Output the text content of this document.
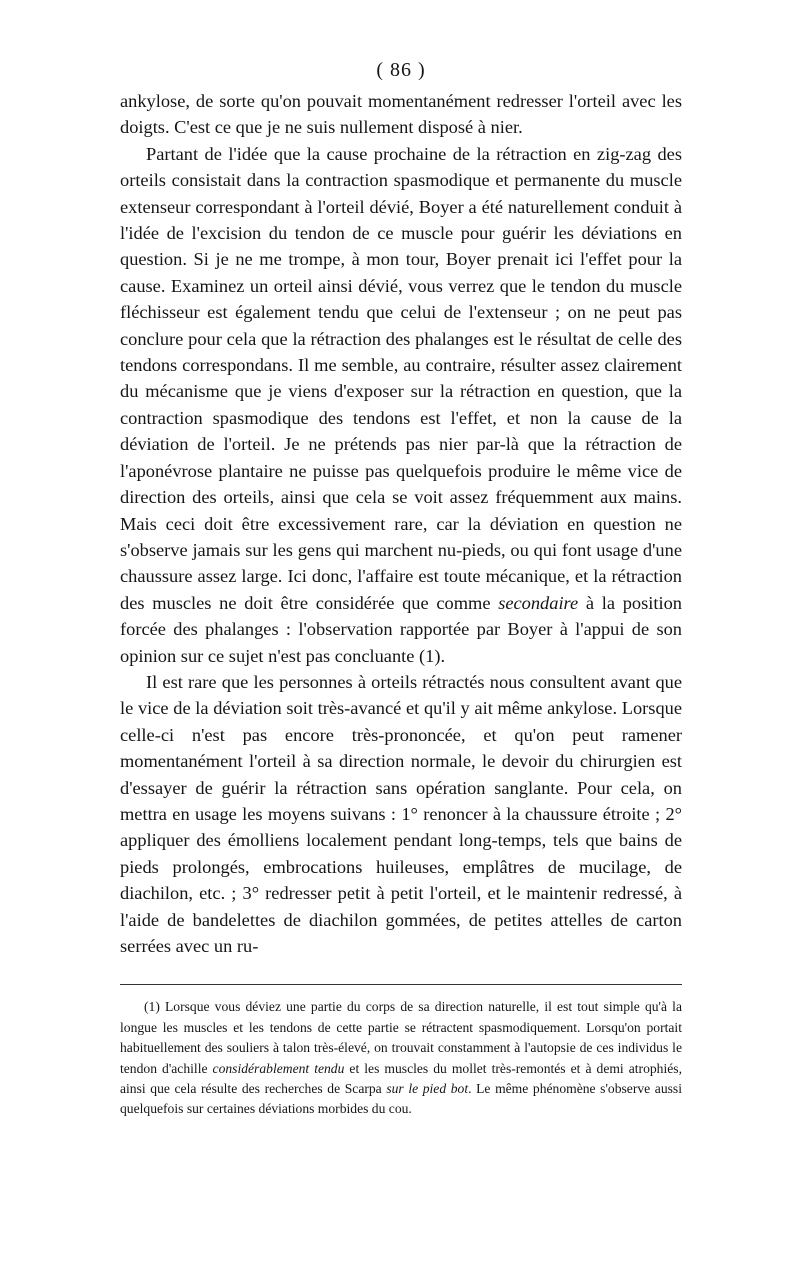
( 86 )

ankylose, de sorte qu'on pouvait momentanément redresser l'orteil avec les doigts. C'est ce que je ne suis nullement disposé à nier.

Partant de l'idée que la cause prochaine de la rétraction en zig-zag des orteils consistait dans la contraction spasmodique et permanente du muscle extenseur correspondant à l'orteil dévié, Boyer a été naturellement conduit à l'idée de l'excision du tendon de ce muscle pour guérir les déviations en question. Si je ne me trompe, à mon tour, Boyer prenait ici l'effet pour la cause. Examinez un orteil ainsi dévié, vous verrez que le tendon du muscle fléchisseur est également tendu que celui de l'extenseur ; on ne peut pas conclure pour cela que la rétraction des phalanges est le résultat de celle des tendons correspondans. Il me semble, au contraire, résulter assez clairement du mécanisme que je viens d'exposer sur la rétraction en question, que la contraction spasmodique des tendons est l'effet, et non la cause de la déviation de l'orteil. Je ne prétends pas nier par-là que la rétraction de l'aponévrose plantaire ne puisse pas quelquefois produire le même vice de direction des orteils, ainsi que cela se voit assez fréquemment aux mains. Mais ceci doit être excessivement rare, car la déviation en question ne s'observe jamais sur les gens qui marchent nu-pieds, ou qui font usage d'une chaussure assez large. Ici donc, l'affaire est toute mécanique, et la rétraction des muscles ne doit être considérée que comme secondaire à la position forcée des phalanges : l'observation rapportée par Boyer à l'appui de son opinion sur ce sujet n'est pas concluante (1).

Il est rare que les personnes à orteils rétractés nous consultent avant que le vice de la déviation soit très-avancé et qu'il y ait même ankylose. Lorsque celle-ci n'est pas encore très-prononcée, et qu'on peut ramener momentanément l'orteil à sa direction normale, le devoir du chirurgien est d'essayer de guérir la rétraction sans opération sanglante. Pour cela, on mettra en usage les moyens suivans : 1° renoncer à la chaussure étroite ; 2° appliquer des émolliens localement pendant long-temps, tels que bains de pieds prolongés, embrocations huileuses, emplâtres de mucilage, de diachilon, etc. ; 3° redresser petit à petit l'orteil, et le maintenir redressé, à l'aide de bandelettes de diachilon gommées, de petites attelles de carton serrées avec un ru-

(1) Lorsque vous déviez une partie du corps de sa direction naturelle, il est tout simple qu'à la longue les muscles et les tendons de cette partie se rétractent spasmodiquement. Lorsqu'on portait habituellement des souliers à talon très-élevé, on trouvait constamment à l'autopsie de ces individus le tendon d'achille considérablement tendu et les muscles du mollet très-remontés et à demi atrophiés, ainsi que cela résulte des recherches de Scarpa sur le pied bot. Le même phénomène s'observe aussi quelquefois sur certaines déviations morbides du cou.
